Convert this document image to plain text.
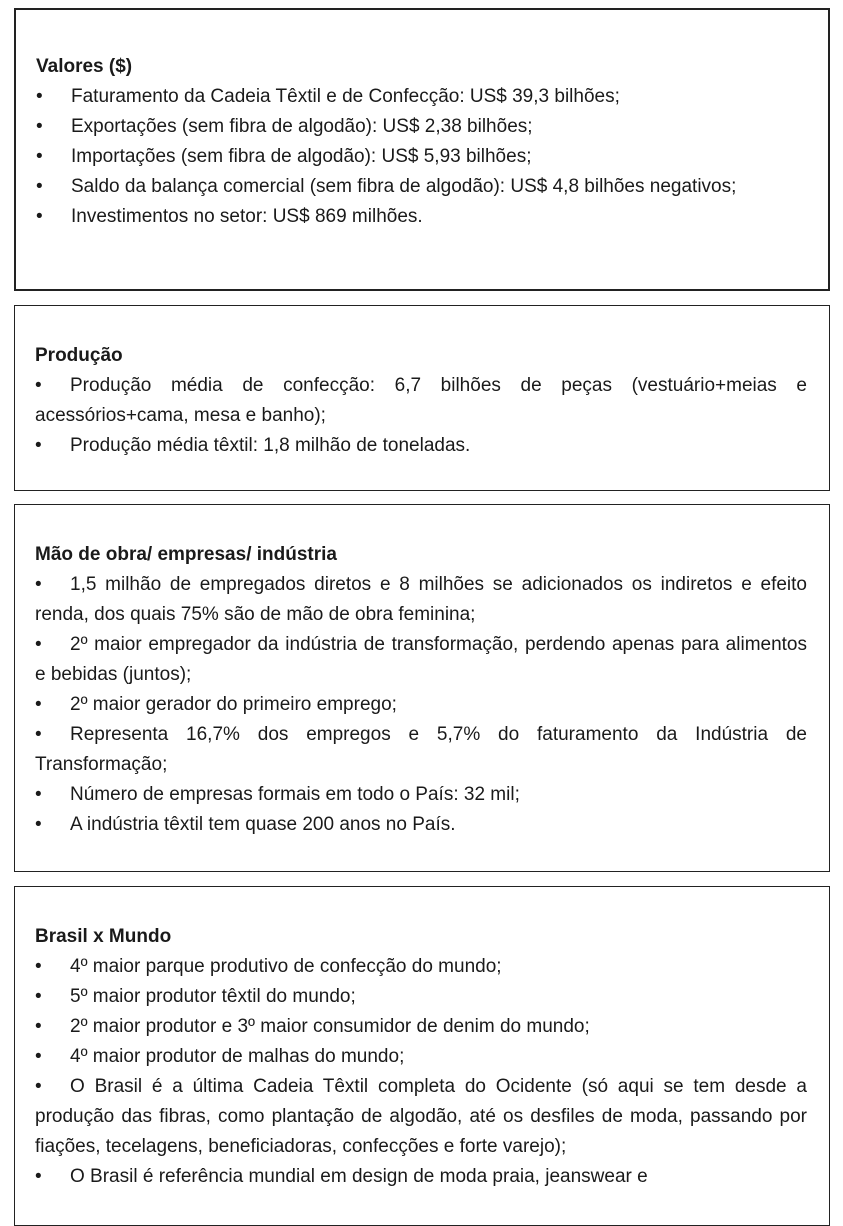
Valores ($)
• Faturamento da Cadeia Têxtil e de Confecção: US$ 39,3 bilhões;
• Exportações (sem fibra de algodão): US$ 2,38 bilhões;
• Importações (sem fibra de algodão): US$ 5,93 bilhões;
• Saldo da balança comercial (sem fibra de algodão): US$ 4,8 bilhões negativos;
• Investimentos no setor: US$ 869 milhões.
Produção
• Produção média de confecção: 6,7 bilhões de peças (vestuário+meias e acessórios+cama, mesa e banho);
• Produção média têxtil: 1,8 milhão de toneladas.
Mão de obra/ empresas/ indústria
• 1,5 milhão de empregados diretos e 8 milhões se adicionados os indiretos e efeito renda, dos quais 75% são de mão de obra feminina;
• 2º maior empregador da indústria de transformação, perdendo apenas para alimentos e bebidas (juntos);
• 2º maior gerador do primeiro emprego;
• Representa 16,7% dos empregos e 5,7% do faturamento da Indústria de Transformação;
• Número de empresas formais em todo o País: 32 mil;
• A indústria têxtil tem quase 200 anos no País.
Brasil x Mundo
• 4º maior parque produtivo de confecção do mundo;
• 5º maior produtor têxtil do mundo;
• 2º maior produtor e 3º maior consumidor de denim do mundo;
• 4º maior produtor de malhas do mundo;
• O Brasil é a última Cadeia Têxtil completa do Ocidente (só aqui se tem desde a produção das fibras, como plantação de algodão, até os desfiles de moda, passando por fiações, tecelagens, beneficiadoras, confecções e forte varejo);
• O Brasil é referência mundial em design de moda praia, jeanswear e
